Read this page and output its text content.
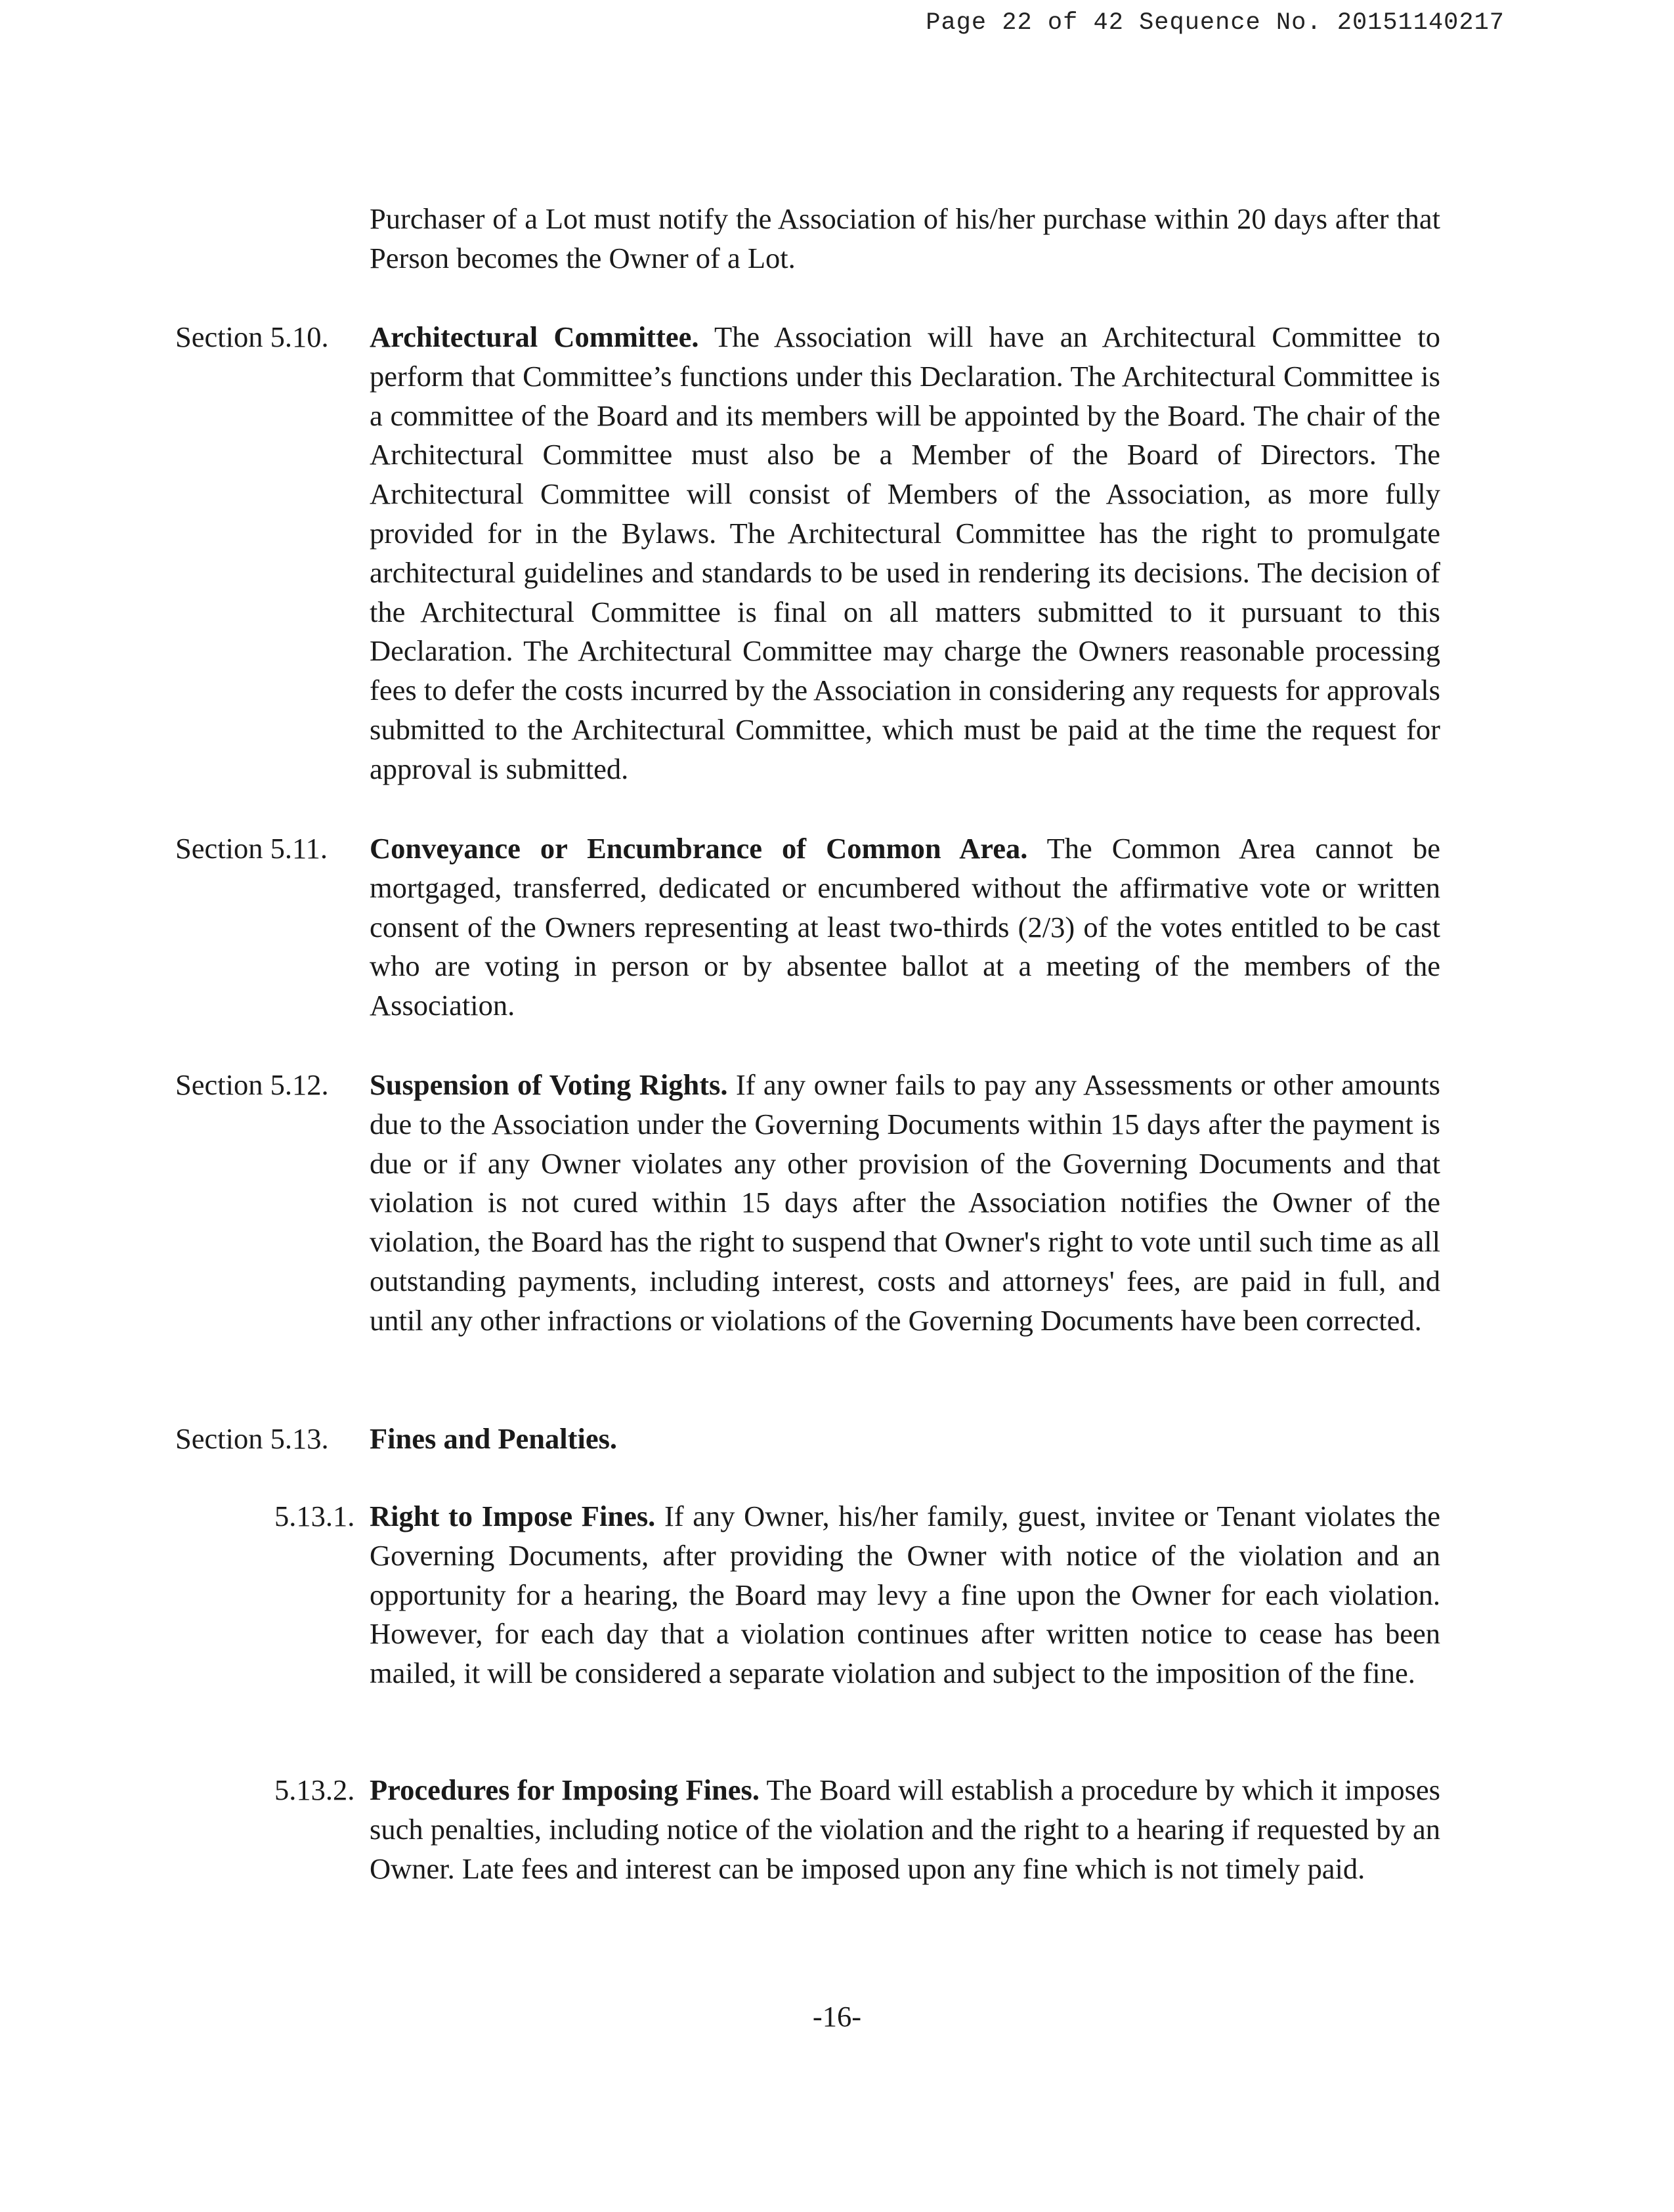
Page 22 of 42 Sequence No. 20151140217
Purchaser of a Lot must notify the Association of his/her purchase within 20 days after that Person becomes the Owner of a Lot.
Section 5.10. Architectural Committee. The Association will have an Architectural Committee to perform that Committee’s functions under this Declaration. The Architectural Committee is a committee of the Board and its members will be appointed by the Board. The chair of the Architectural Committee must also be a Member of the Board of Directors. The Architectural Committee will consist of Members of the Association, as more fully provided for in the Bylaws. The Architectural Committee has the right to promulgate architectural guidelines and standards to be used in rendering its decisions. The decision of the Architectural Committee is final on all matters submitted to it pursuant to this Declaration. The Architectural Committee may charge the Owners reasonable processing fees to defer the costs incurred by the Association in considering any requests for approvals submitted to the Architectural Committee, which must be paid at the time the request for approval is submitted.
Section 5.11. Conveyance or Encumbrance of Common Area. The Common Area cannot be mortgaged, transferred, dedicated or encumbered without the affirmative vote or written consent of the Owners representing at least two-thirds (2/3) of the votes entitled to be cast who are voting in person or by absentee ballot at a meeting of the members of the Association.
Section 5.12. Suspension of Voting Rights. If any owner fails to pay any Assessments or other amounts due to the Association under the Governing Documents within 15 days after the payment is due or if any Owner violates any other provision of the Governing Documents and that violation is not cured within 15 days after the Association notifies the Owner of the violation, the Board has the right to suspend that Owner's right to vote until such time as all outstanding payments, including interest, costs and attorneys' fees, are paid in full, and until any other infractions or violations of the Governing Documents have been corrected.
Section 5.13. Fines and Penalties.
5.13.1. Right to Impose Fines. If any Owner, his/her family, guest, invitee or Tenant violates the Governing Documents, after providing the Owner with notice of the violation and an opportunity for a hearing, the Board may levy a fine upon the Owner for each violation. However, for each day that a violation continues after written notice to cease has been mailed, it will be considered a separate violation and subject to the imposition of the fine.
5.13.2. Procedures for Imposing Fines. The Board will establish a procedure by which it imposes such penalties, including notice of the violation and the right to a hearing if requested by an Owner. Late fees and interest can be imposed upon any fine which is not timely paid.
-16-
